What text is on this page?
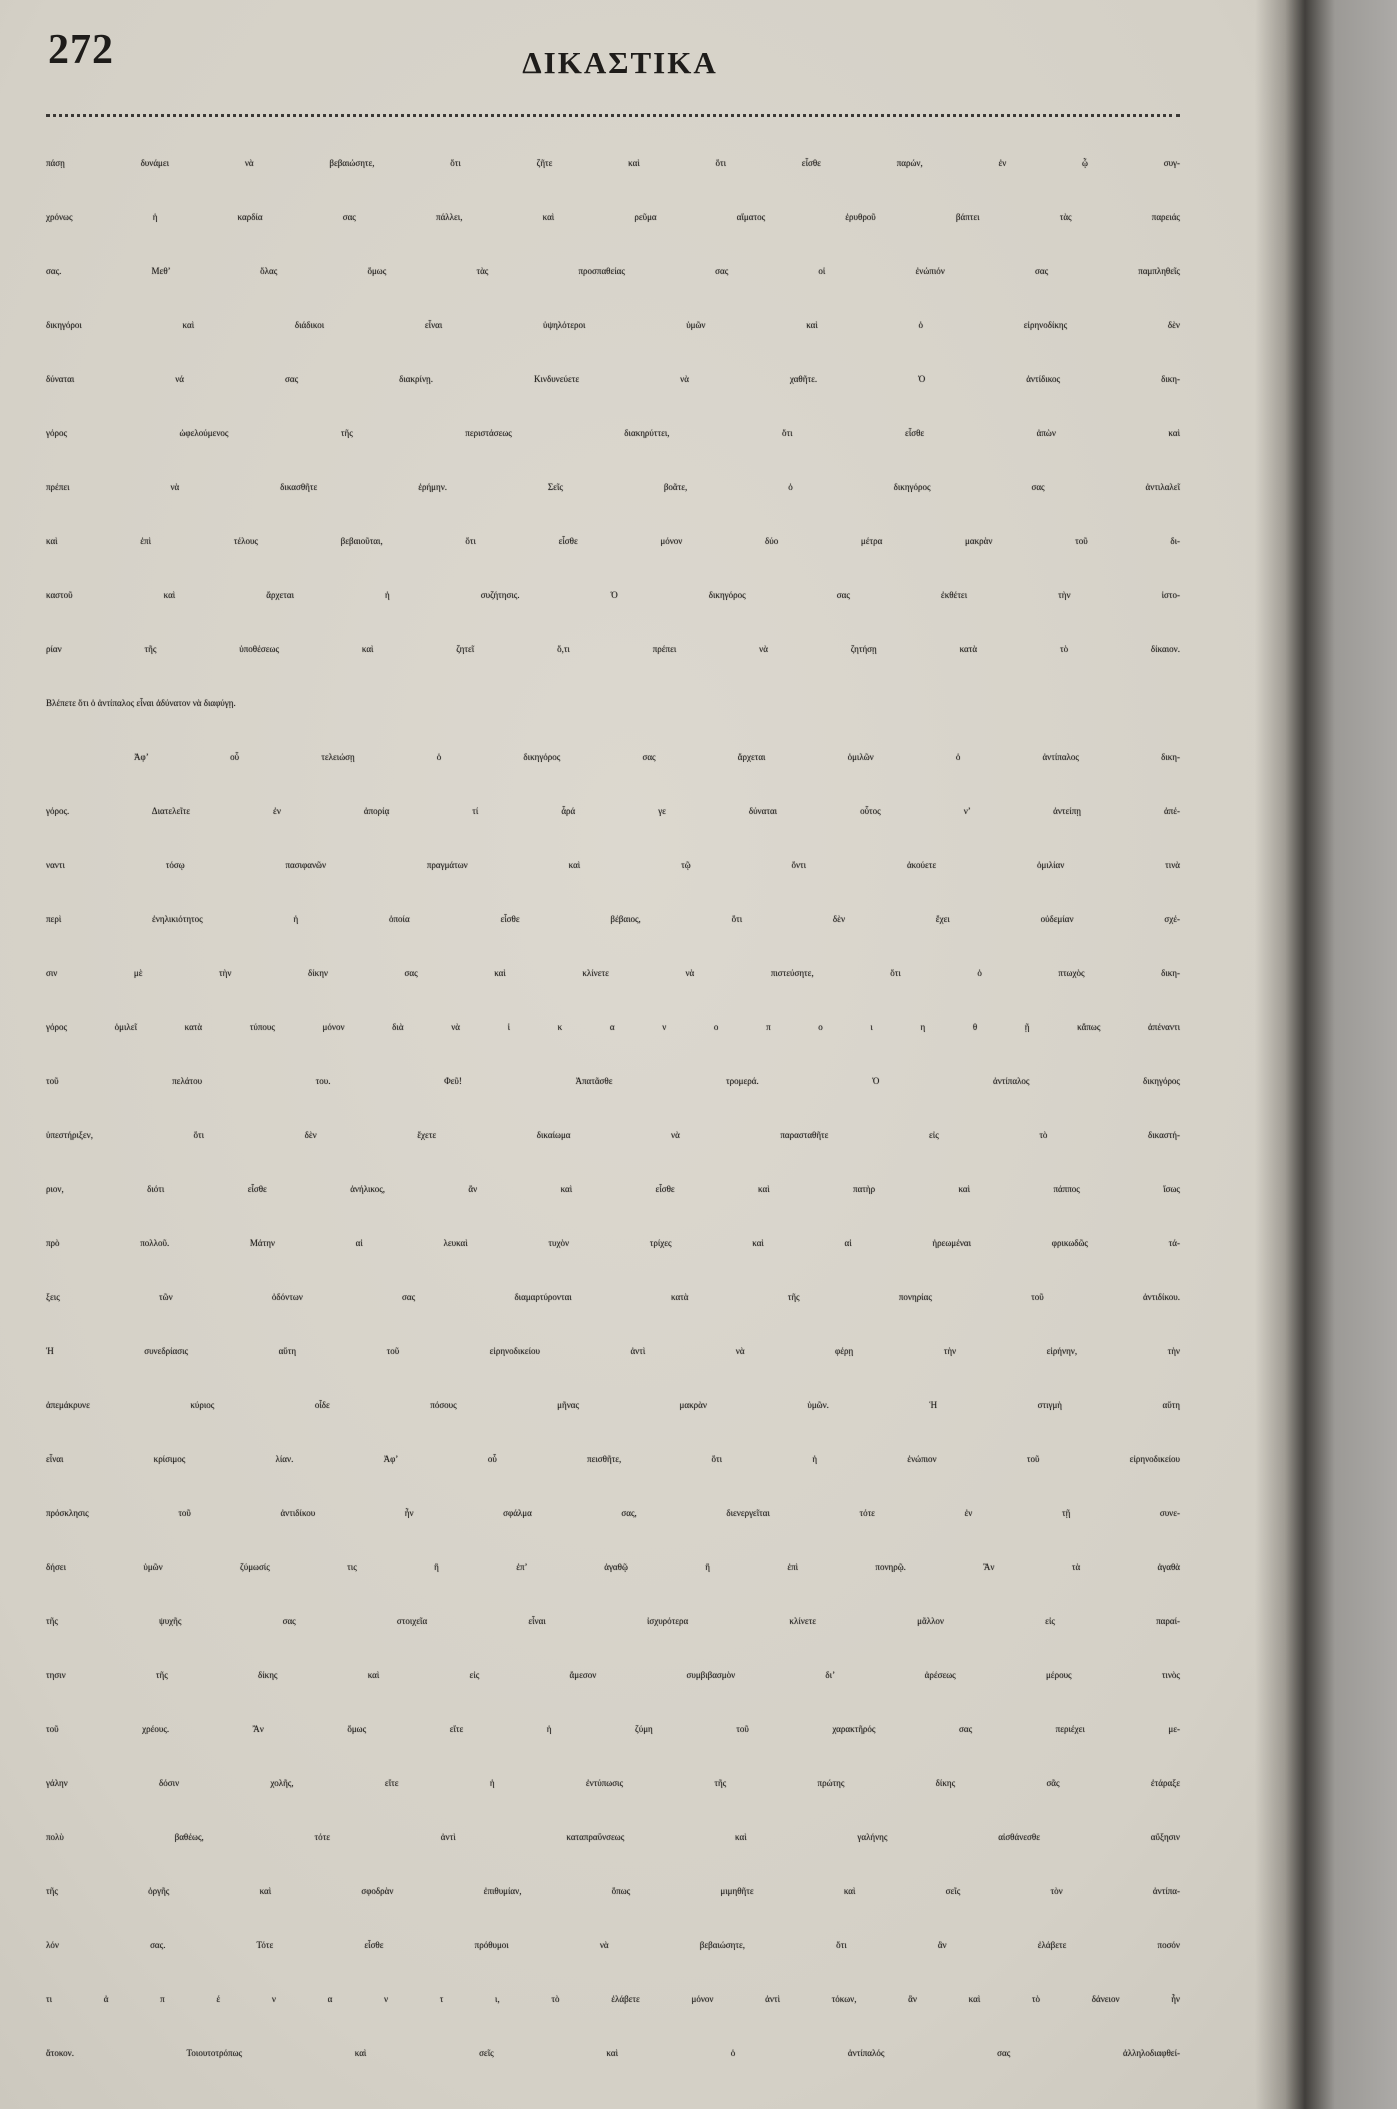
272	ΔΙΚΑΣΤΙΚΑ
πάσῃ δυνάμει νὰ βεβαιώσητε, ὅτι ζῆτε καὶ ὅτι εἶσθε παρών, ἐν ᾧ συγ-
χρόνως ἡ καρδία σας πάλλει, καὶ ρεῦμα αἵματος ἐρυθροῦ βάπτει τὰς παρειάς
σας. Μεθ’ ὅλας ὅμως τὰς προσπαθείας σας οἱ ἐνώπιόν σας παμπληθεῖς
δικηγόροι καὶ διάδικοι εἶναι ὑψηλότεροι ὑμῶν καὶ ὁ εἰρηνοδίκης δὲν
δύναται νά σας διακρίνῃ. Κινδυνεύετε νὰ χαθῆτε. Ὁ ἀντίδικος δικη-
γόρος ὠφελούμενος τῆς περιστάσεως διακηρύττει, ὅτι εἶσθε ἀπὼν καὶ
πρέπει νὰ δικασθῆτε ἐρήμην. Σεῖς βοᾶτε, ὁ δικηγόρος σας ἀντιλαλεῖ
καὶ ἐπὶ τέλους βεβαιοῦται, ὅτι εἶσθε μόνον δύο μέτρα μακρὰν τοῦ δι-
καστοῦ καὶ ἄρχεται ἡ συζήτησις. Ὁ δικηγόρος σας ἐκθέτει τὴν ἱστο-
ρίαν τῆς ὑποθέσεως καὶ ζητεῖ ὅ,τι πρέπει νὰ ζητήσῃ κατὰ τὸ δίκαιον.
Βλέπετε ὅτι ὁ ἀντίπαλος εἶναι ἀδύνατον νὰ διαφύγῃ.
Ἀφ’ οὗ τελειώσῃ ὁ δικηγόρος σας ἄρχεται ὁμιλῶν ὁ ἀντίπαλος δικη-
γόρος. Διατελεῖτε ἐν ἀπορίᾳ τί ἆρά γε δύναται οὗτος ν’ ἀντείπῃ ἀπέ-
ναντι τόσῳ πασιφανῶν πραγμάτων καὶ τῷ ὄντι ἀκούετε ὁμιλίαν τινὰ
περὶ ἐνηλικιότητος ἡ ὁποία εἶσθε βέβαιος, ὅτι δὲν ἔχει οὐδεμίαν σχέ-
σιν μὲ τὴν δίκην σας καὶ κλίνετε νὰ πιστεύσητε, ὅτι ὁ πτωχὸς δικη-
γόρος ὁμιλεῖ κατὰ τύπους μόνον διὰ νὰ ἱ κ α ν ο π ο ι η θ ῇ κἄπως ἀπέναντι
τοῦ πελάτου του. Φεῦ! Ἀπατᾶσθε τρομερά. Ὁ ἀντίπαλος δικηγόρος
ὑπεστήριξεν, ὅτι δὲν ἔχετε δικαίωμα νὰ παρασταθῆτε εἰς τὸ δικαστή-
ριον, διότι εἶσθε ἀνήλικος, ἂν καὶ εἶσθε καὶ πατὴρ καὶ πάππος ἴσως
πρὸ πολλοῦ. Μάτην αἱ λευκαὶ τυχὸν τρίχες καὶ αἱ ἠρεωμέναι φρικωδῶς τά-
ξεις τῶν ὀδόντων σας διαμαρτύρονται κατὰ τῆς πονηρίας τοῦ ἀντιδίκου.
Ἡ συνεδρίασις αὕτη τοῦ εἰρηνοδικείου ἀντὶ νὰ φέρῃ τὴν εἰρήνην, τὴν
ἀπεμάκρυνε κύριος οἶδε πόσους μῆνας μακρὰν ὑμῶν. Ἡ στιγμὴ αὕτη
εἶναι κρίσιμος λίαν. Ἀφ’ οὗ πεισθῆτε, ὅτι ἡ ἐνώπιον τοῦ εἰρηνοδικείου
πρόσκλησις τοῦ ἀντιδίκου ἦν σφάλμα σας, διενεργεῖται τότε ἐν τῇ συνε-
δήσει ὑμῶν ζύμωσίς τις ἢ ἐπ’ ἀγαθῷ ἢ ἐπὶ πονηρῷ. Ἂν τὰ ἀγαθὰ
τῆς ψυχῆς σας στοιχεῖα εἶναι ἰσχυρότερα κλίνετε μᾶλλον εἰς παραί-
τησιν τῆς δίκης καὶ εἰς ἄμεσον συμβιβασμὸν δι’ ἀρέσεως μέρους τινὸς
τοῦ χρέους. Ἂν ὅμως εἴτε ἡ ζύμη τοῦ χαρακτῆρός σας περιέχει με-
γάλην δόσιν χολῆς, εἴτε ἡ ἐντύπωσις τῆς πρώτης δίκης σᾶς ἐτάραξε
πολὺ βαθέως, τότε ἀντὶ καταπραΰνσεως καὶ γαλήνης αἰσθάνεσθε αὔξησιν
τῆς ὀργῆς καὶ σφοδρὰν ἐπιθυμίαν, ὅπως μιμηθῆτε καὶ σεῖς τὸν ἀντίπα-
λόν σας. Τότε εἶσθε πρόθυμοι νὰ βεβαιώσητε, ὅτι ἂν ἐλάβετε ποσόν
τι ἀ π έ ν α ν τ ι, τὸ ἐλάβετε μόνον ἀντὶ τόκων, ἂν καὶ τὸ δάνειον ἦν
ἄτοκον. Τοιουτοτρόπως καὶ σεῖς καὶ ὁ ἀντίπαλός σας ἀλληλοδιαφθεί-
